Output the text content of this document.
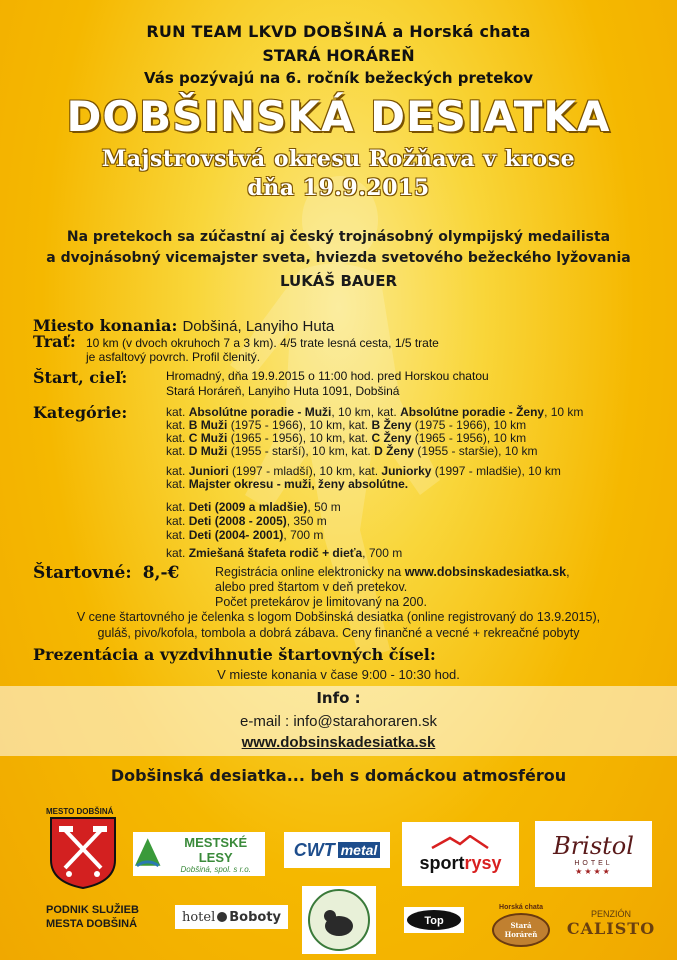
RUN TEAM LKVD DOBŠINÁ a Horská chata
STARÁ HORÁREŇ
Vás pozývajú na 6. ročník bežeckých pretekov
DOBŠINSKÁ DESIATKA
Majstrovstvá okresu Rožňava v krose
dňa 19.9.2015
Na pretekoch sa zúčastní aj český trojnásobný olympijský medailista
a dvojnásobný vicemajster sveta, hviezda svetového bežeckého lyžovania
LUKÁŠ BAUER
Miesto konania: Dobšiná, Lanyiho Huta
Trať: 10 km (v dvoch okruhoch 7 a 3 km). 4/5 trate lesná cesta, 1/5 trate
je asfaltový povrch. Profil členitý.
Štart, cieľ:	Hromadný, dňa 19.9.2015 o 11:00 hod. pred Horskou chatou
Stará Horáreň, Lanyiho Huta 1091, Dobšiná
Kategórie:	kat. Absolútne poradie - Muži, 10 km, kat. Absolútne poradie - Ženy, 10 km
kat. B Muži (1975 - 1966), 10 km, kat. B Ženy (1975 - 1966), 10 km
kat. C Muži (1965 - 1956), 10 km, kat. C Ženy (1965 - 1956), 10 km
kat. D Muži (1955 - starší), 10 km, kat. D Ženy (1955 - staršie), 10 km
kat. Juniori (1997 - mladší), 10 km, kat. Juniorky (1997 - mladšie), 10 km
kat. Majster okresu - muži, ženy absolútne.
kat. Deti (2009 a mladšie), 50 m
kat. Deti (2008 - 2005), 350 m
kat. Deti (2004- 2001), 700 m
kat. Zmiešaná štafeta rodič + dieťa, 700 m
Štartovné: 8,-€	Registrácia online elektronicky na www.dobsinskadesiatka.sk,
alebo pred štartom v deň pretekov.
Počet pretekárov je limitovaný na 200.
V cene štartovného je čelenka s logom Dobšinská desiatka (online registrovaný do 13.9.2015),
guláš, pivo/kofola, tombola a dobrá zábava. Ceny finančné a vecné + rekreačné pobyty
Prezentácia a vyzdvihnutie štartovných čísel:
V mieste konania v čase 9:00 - 10:30 hod.
Info :
e-mail : info@starahoraren.sk
www.dobsinskadesiatka.sk
Dobšinská desiatka... beh s domáckou atmosférou
MESTO DOBŠINÁ
MESTSKÉ LESY
Dobšiná, spol. s r.o.
CWT metal
sportrysy
Bristol
HOTEL
★★★★
PODNIK SLUŽIEB
MESTA DOBŠINÁ	hotel Boboty	Top
Horská chata
Stará Horáreň
PENZIÓN
CALISTO
